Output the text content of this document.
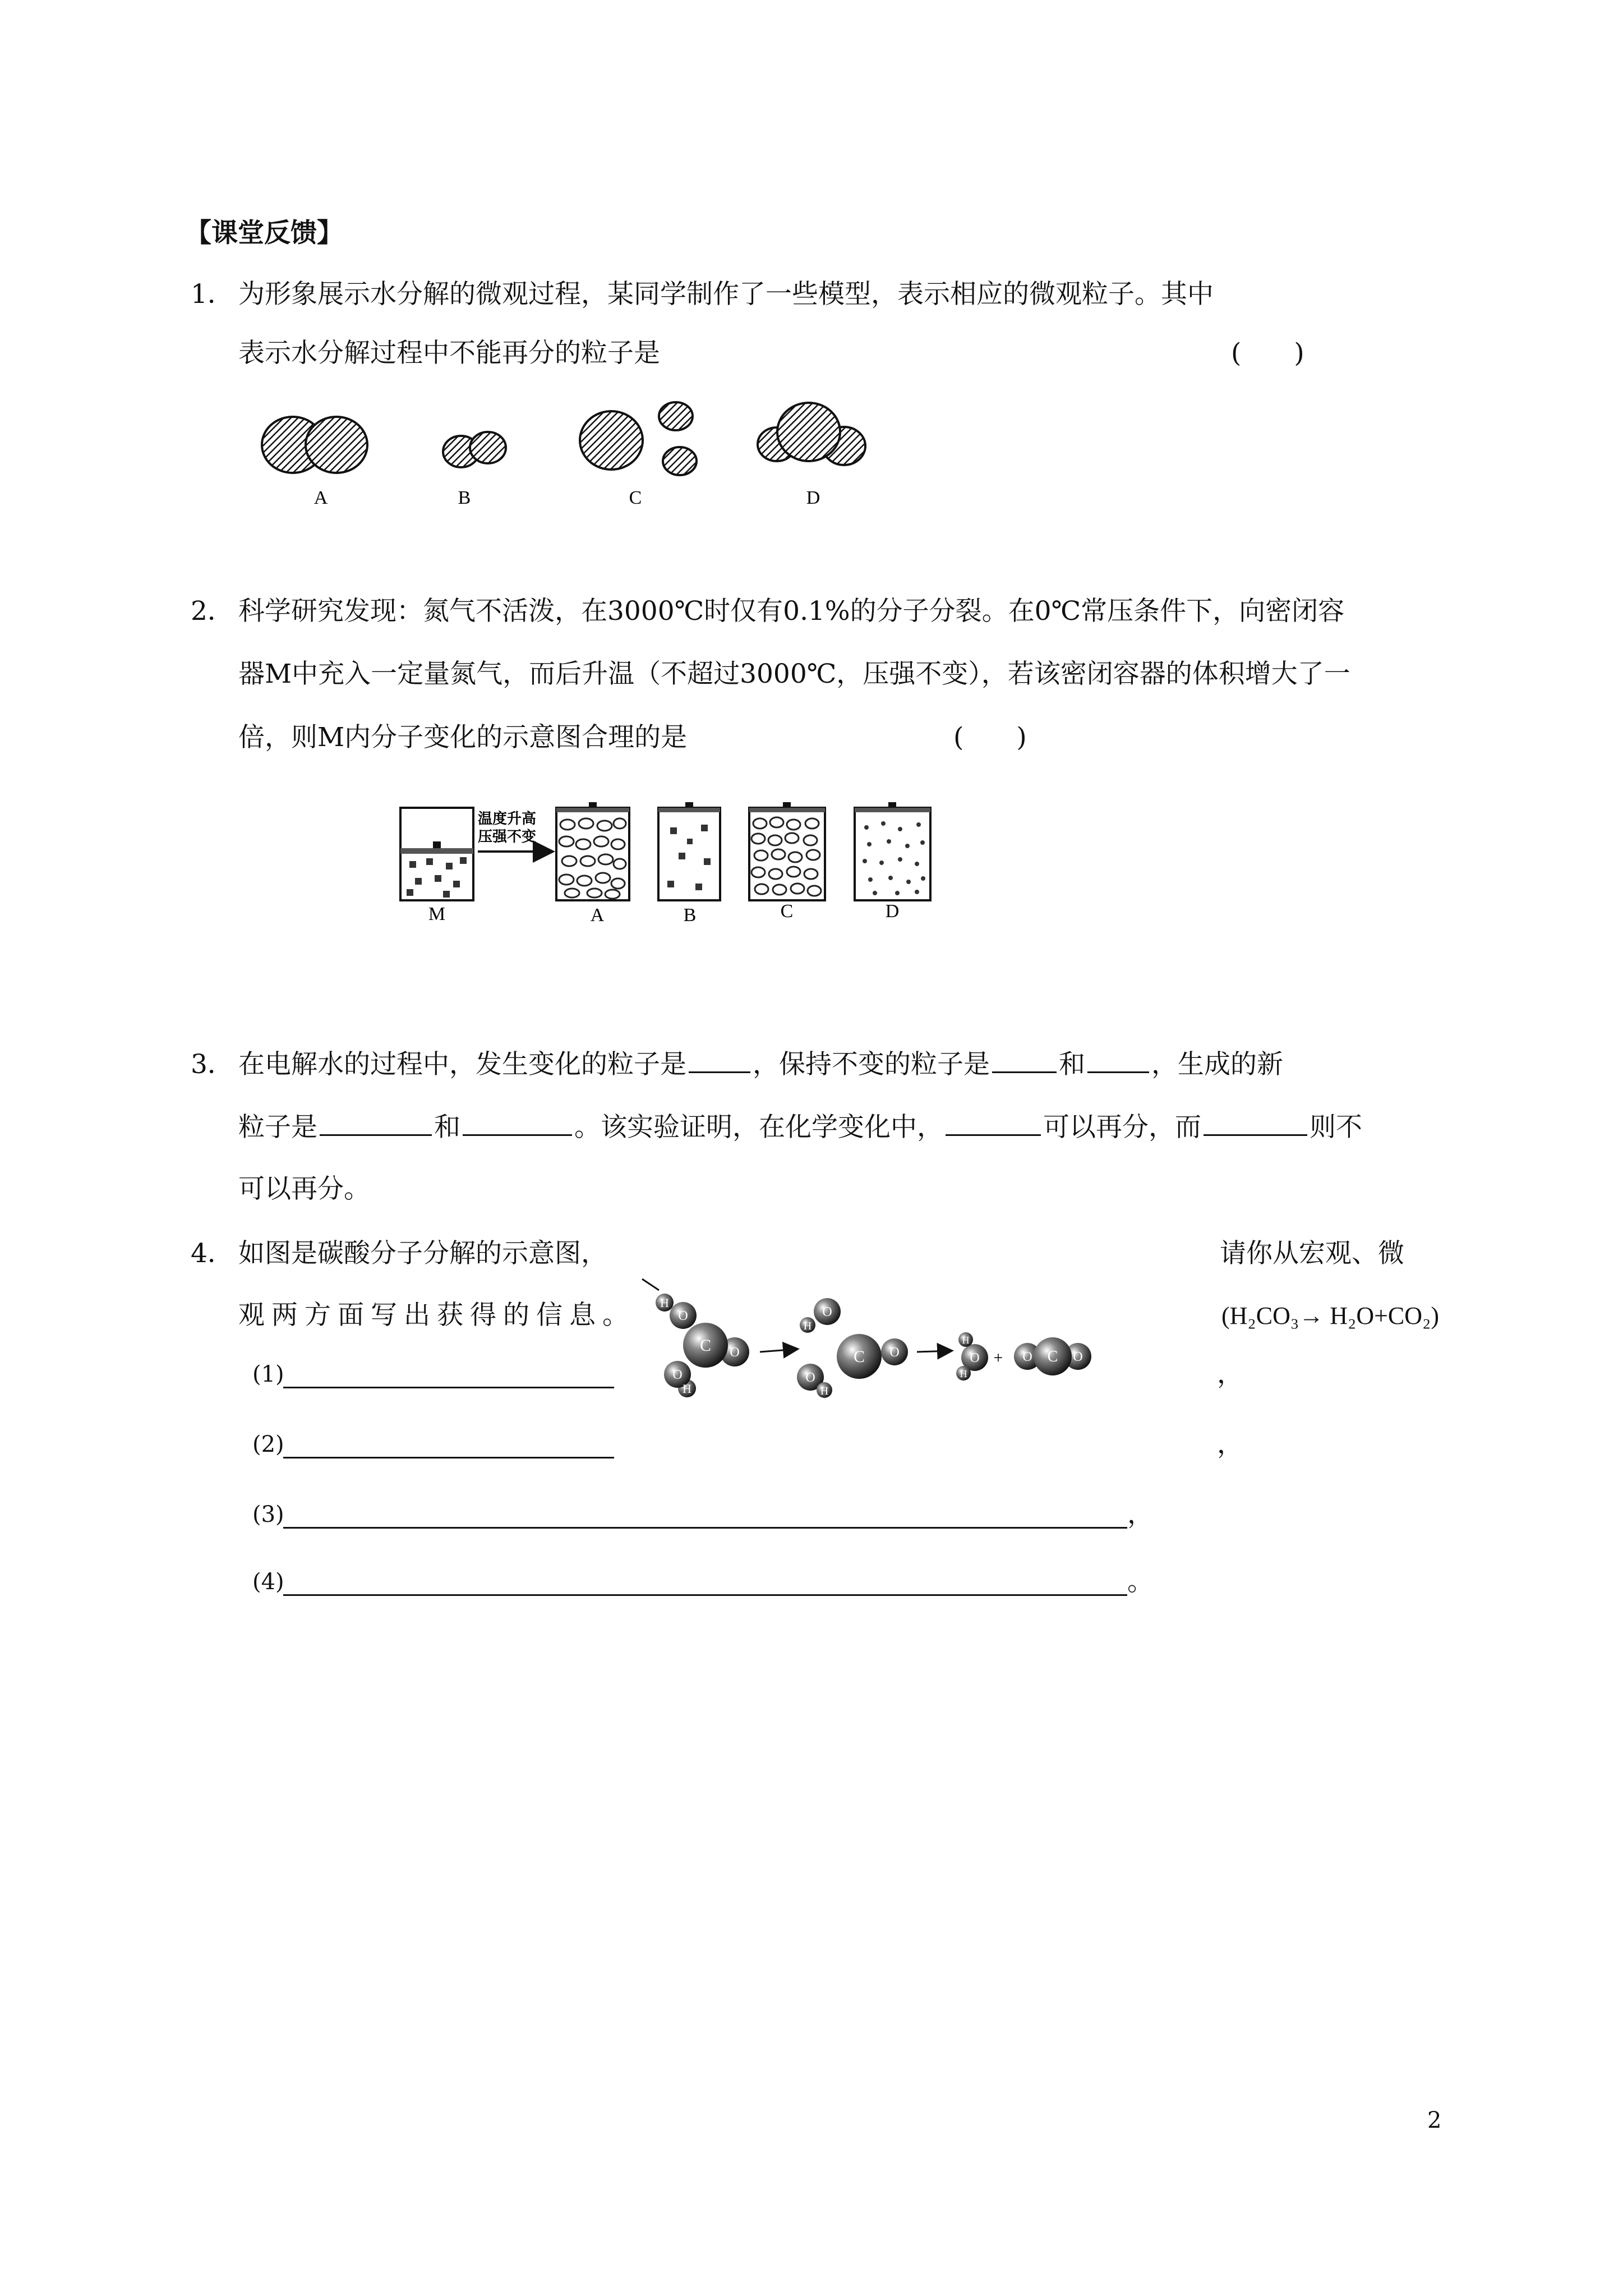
【课堂反馈】
1． 为形象展示水分解的微观过程，某同学制作了一些模型，表示相应的微观粒子。其中
表示水分解过程中不能再分的粒子是	(　　)
A	B	C	D
2． 科学研究发现：氮气不活泼，在3000℃时仅有0.1%的分子分裂。在0℃常压条件下，向密闭容
器M中充入一定量氮气，而后升温（不超过3000℃，压强不变），若该密闭容器的体积增大了一
倍，则M内分子变化的示意图合理的是	(　　)
温度升高
压强不变
M	A	B	C	D
3． 在电解水的过程中，发生变化的粒子是	，保持不变的粒子是	和	，生成的新
粒子是	和	。该实验证明，在化学变化中，	可以再分，而	则不
可以再分。
4． 如图是碳酸分子分解的示意图，	请你从宏观、微
观两方面写出获得的信息。	(H₂CO₃→ H₂O+CO₂)
H
O
C O
O
H
O
H
O
H
C O	O
H
H
+ O C O
(1)	，
(2)	，
(3)	，
(4)	。
2
